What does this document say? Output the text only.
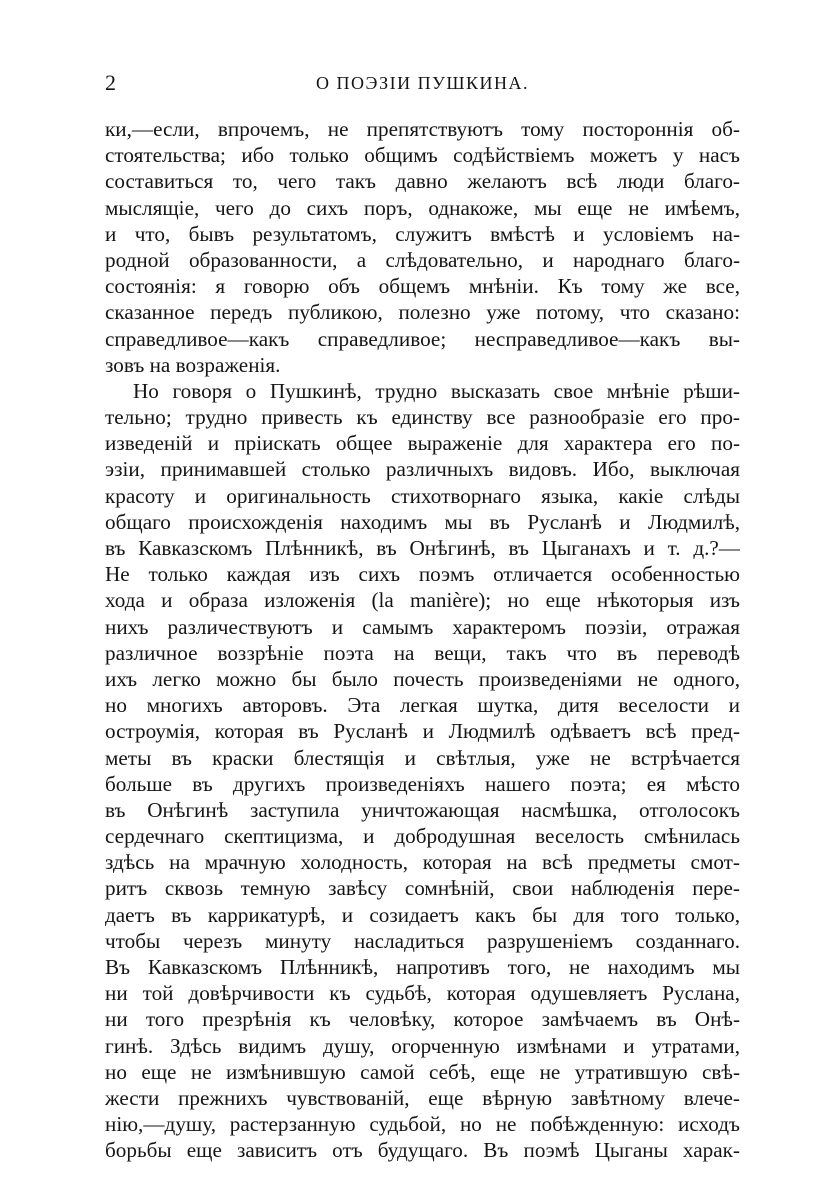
2	О ПОЭЗІИ ПУШКИНА.
ки,—если, впрочемъ, не препятствуютъ тому постороннія об-
стоятельства; ибо только общимъ содѣйствіемъ можетъ у насъ
составиться то, чего такъ давно желаютъ всѣ люди благо-
мыслящіе, чего до сихъ поръ, однакоже, мы еще не имѣемъ,
и что, бывъ результатомъ, служитъ вмѣстѣ и условіемъ на-
родной образованности, а слѣдовательно, и народнаго благо-
состоянія: я говорю объ общемъ мнѣніи. Къ тому же все,
сказанное передъ публикою, полезно уже потому, что сказано:
справедливое—какъ справедливое; несправедливое—какъ вы-
зовъ на возраженія.
Но говоря о Пушкинѣ, трудно высказать свое мнѣніе рѣши-
тельно; трудно привесть къ единству все разнообразіе его про-
изведеній и пріискать общее выраженіе для характера его по-
эзіи, принимавшей столько различныхъ видовъ. Ибо, выключая
красоту и оригинальность стихотворнаго языка, какіе слѣды
общаго происхожденія находимъ мы въ Русланѣ и Людмилѣ,
въ Кавказскомъ Плѣнникѣ, въ Онѣгинѣ, въ Цыганахъ и т. д.?—
Не только каждая изъ сихъ поэмъ отличается особенностью
хода и образа изложенія (la manière); но еще нѣкоторыя изъ
нихъ различествуютъ и самымъ характеромъ поэзіи, отражая
различное воззрѣніе поэта на вещи, такъ что въ переводѣ
ихъ легко можно бы было почесть произведеніями не одного,
но многихъ авторовъ. Эта легкая шутка, дитя веселости и
остроумія, которая въ Русланѣ и Людмилѣ одѣваетъ всѣ пред-
меты въ краски блестящія и свѣтлыя, уже не встрѣчается
больше въ другихъ произведеніяхъ нашего поэта; ея мѣсто
въ Онѣгинѣ заступила уничтожающая насмѣшка, отголосокъ
сердечнаго скептицизма, и добродушная веселость смѣнилась
здѣсь на мрачную холодность, которая на всѣ предметы смот-
ритъ сквозь темную завѣсу сомнѣній, свои наблюденія пере-
даетъ въ каррикатурѣ, и созидаетъ какъ бы для того только,
чтобы черезъ минуту насладиться разрушеніемъ созданнаго.
Въ Кавказскомъ Плѣнникѣ, напротивъ того, не находимъ мы
ни той довѣрчивости къ судьбѣ, которая одушевляетъ Руслана,
ни того презрѣнія къ человѣку, которое замѣчаемъ въ Онѣ-
гинѣ. Здѣсь видимъ душу, огорченную измѣнами и утратами,
но еще не измѣнившую самой себѣ, еще не утратившую свѣ-
жести прежнихъ чувствованій, еще вѣрную завѣтному влече-
нію,—душу, растерзанную судьбой, но не побѣжденную: исходъ
борьбы еще зависитъ отъ будущаго. Въ поэмѣ Цыганы харак-
